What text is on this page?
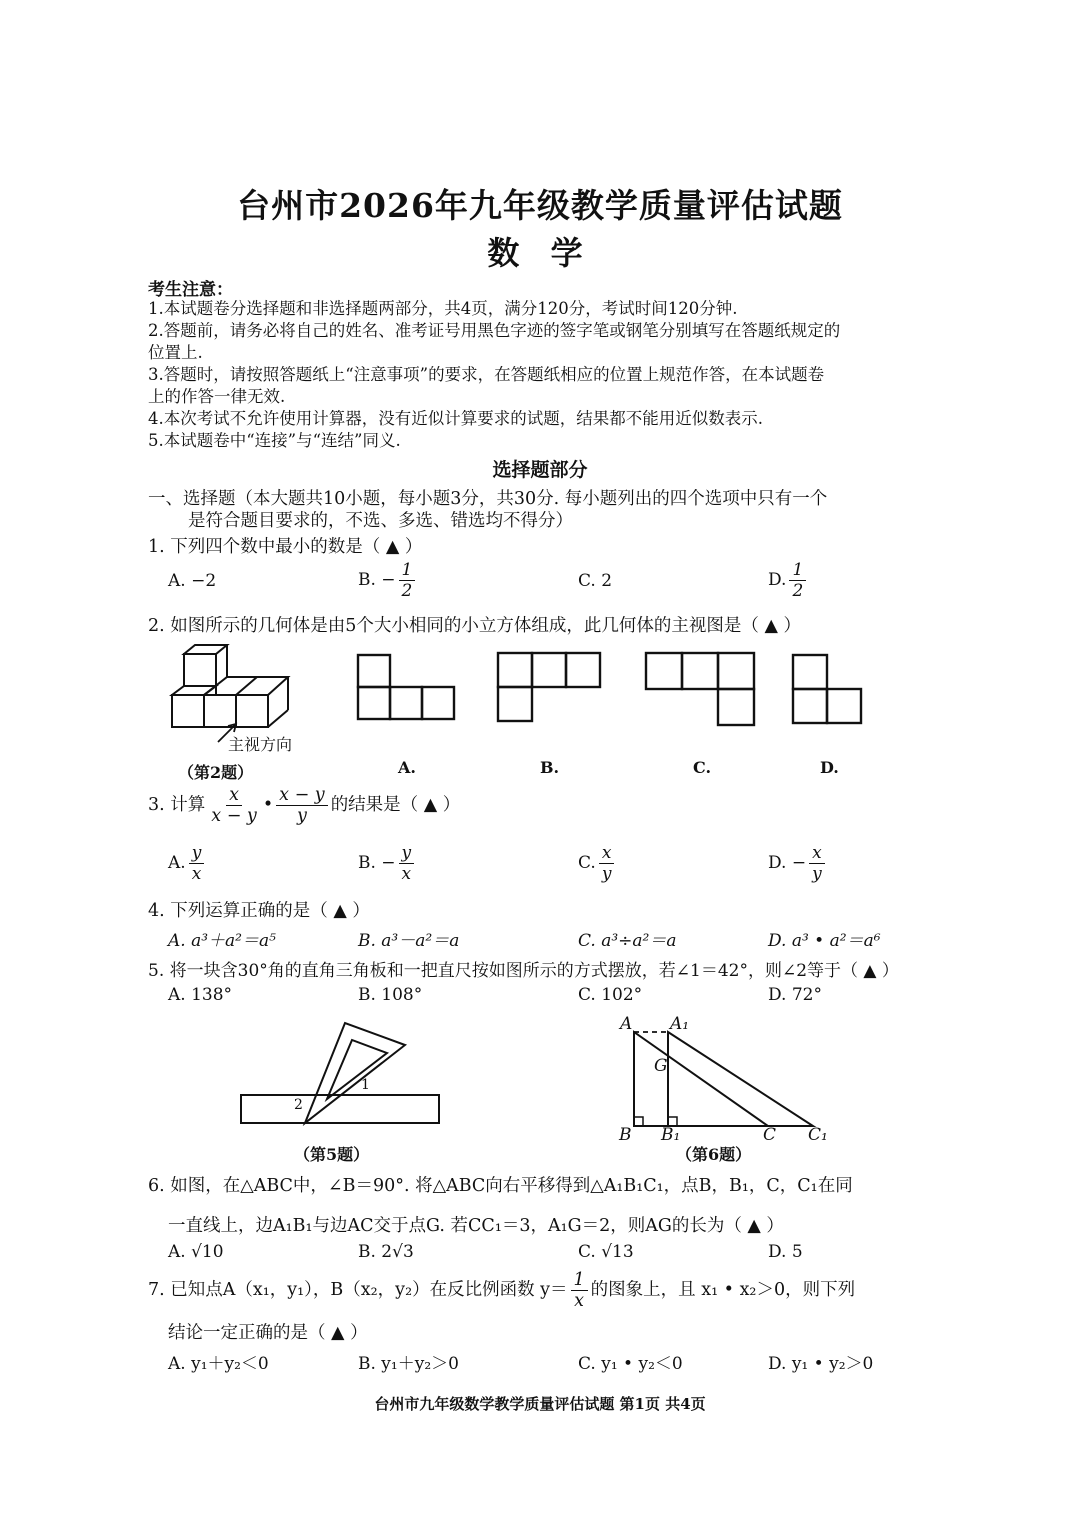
台州市2026年九年级教学质量评估试题
数 学
考生注意：
1.本试题卷分选择题和非选择题两部分，共4页，满分120分，考试时间120分钟.
2.答题前，请务必将自己的姓名、准考证号用黑色字迹的签字笔或钢笔分别填写在答题纸规定的
位置上.
3.答题时，请按照答题纸上“注意事项”的要求，在答题纸相应的位置上规范作答，在本试题卷
上的作答一律无效.
4.本次考试不允许使用计算器，没有近似计算要求的试题，结果都不能用近似数表示.
5.本试题卷中“连接”与“连结”同义.
选择题部分
一、选择题（本大题共10小题，每小题3分，共30分. 每小题列出的四个选项中只有一个
是符合题目要求的，不选、多选、错选均不得分）
1. 下列四个数中最小的数是（ ▲ ）
A. −2	B. − $\frac{1}{2}$	C. 2	D. $\frac{1}{2}$
2. 如图所示的几何体是由5个大小相同的小立方体组成，此几何体的主视图是（ ▲ ）
主视方向
（第2题）	A.	B.	C.	D.
3. 计算 $\frac{x}{x - y}$ • $\frac{x - y}{y}$ 的结果是（ ▲ ）
A. $\frac{y}{x}$	B. − $\frac{y}{x}$	C. $\frac{x}{y}$	D. − $\frac{x}{y}$
4. 下列运算正确的是（ ▲ ）
A. a³＋a²＝a⁵	B. a³－a²＝a	C. a³÷a²＝a	D. a³ • a²＝a⁶
5. 将一块含30°角的直角三角板和一把直尺按如图所示的方式摆放，若∠1＝42°，则∠2等于（ ▲ ）
A. 138°	B. 108°	C. 102°	D. 72°
1
2
（第5题）
A A₁
G
B B₁	C C₁
（第6题）
6. 如图，在△ABC中，∠B＝90°. 将△ABC向右平移得到△A₁B₁C₁，点B，B₁，C，C₁在同
一直线上，边A₁B₁与边AC交于点G. 若CC₁＝3，A₁G＝2，则AG的长为（ ▲ ）
A. √10	B. 2√3	C. √13	D. 5
7. 已知点A（x₁，y₁），B（x₂，y₂）在反比例函数 $y= \frac{1}{x}$ 的图象上，且 x₁ • x₂＞0，则下列
结论一定正确的是（ ▲ ）
A. y₁＋y₂＜0	B. y₁＋y₂＞0	C. y₁ • y₂＜0	D. y₁ • y₂＞0
台州市九年级数学教学质量评估试题 第1页 共4页
